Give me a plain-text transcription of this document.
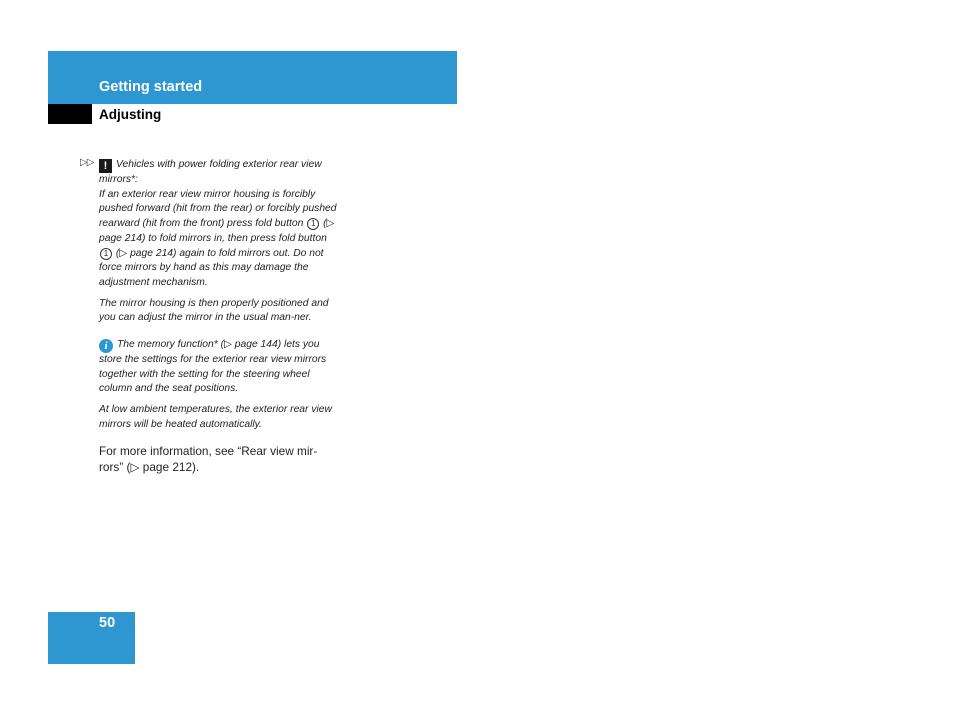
Getting started
Adjusting
▷▷ ! Vehicles with power folding exterior rear view mirrors*:
If an exterior rear view mirror housing is forcibly pushed forward (hit from the rear) or forcibly pushed rearward (hit from the front) press fold button 1 (▷ page 214) to fold mirrors in, then press fold button 1 (▷ page 214) again to fold mirrors out. Do not force mirrors by hand as this may damage the adjustment mechanism.

The mirror housing is then properly positioned and you can adjust the mirror in the usual man-ner.

i The memory function* (▷ page 144) lets you store the settings for the exterior rear view mirrors together with the setting for the steering wheel column and the seat positions.

At low ambient temperatures, the exterior rear view mirrors will be heated automatically.

For more information, see “Rear view mir-rors” (▷ page 212).

50
